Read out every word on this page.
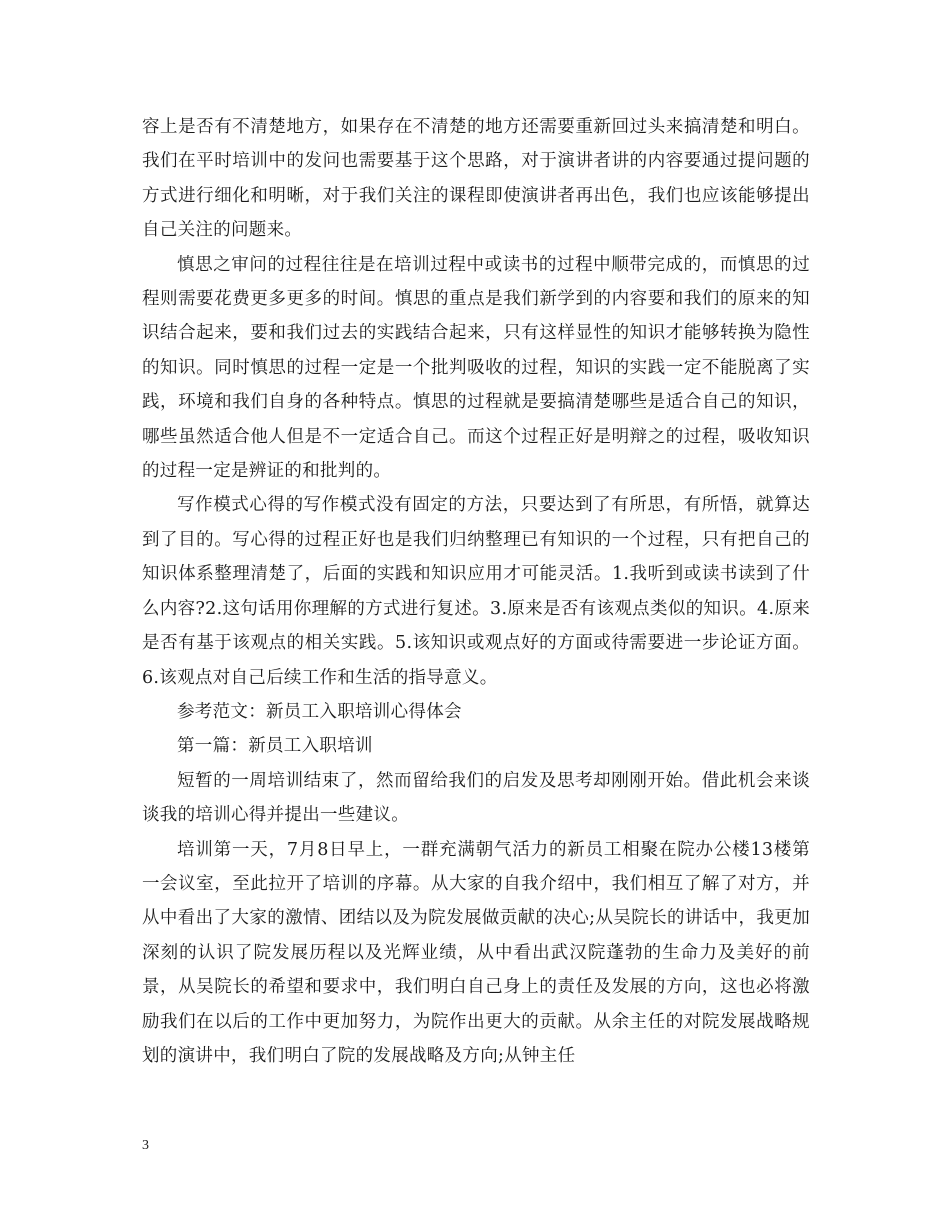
容上是否有不清楚地方，如果存在不清楚的地方还需要重新回过头来搞清楚和明白。我们在平时培训中的发问也需要基于这个思路，对于演讲者讲的内容要通过提问题的方式进行细化和明晰，对于我们关注的课程即使演讲者再出色，我们也应该能够提出自己关注的问题来。

慎思之审问的过程往往是在培训过程中或读书的过程中顺带完成的，而慎思的过程则需要花费更多更多的时间。慎思的重点是我们新学到的内容要和我们的原来的知识结合起来，要和我们过去的实践结合起来，只有这样显性的知识才能够转换为隐性的知识。同时慎思的过程一定是一个批判吸收的过程，知识的实践一定不能脱离了实践，环境和我们自身的各种特点。慎思的过程就是要搞清楚哪些是适合自己的知识，哪些虽然适合他人但是不一定适合自己。而这个过程正好是明辩之的过程，吸收知识的过程一定是辨证的和批判的。

写作模式心得的写作模式没有固定的方法，只要达到了有所思，有所悟，就算达到了目的。写心得的过程正好也是我们归纳整理已有知识的一个过程，只有把自己的知识体系整理清楚了，后面的实践和知识应用才可能灵活。1.我听到或读书读到了什么内容?2.这句话用你理解的方式进行复述。3.原来是否有该观点类似的知识。4.原来是否有基于该观点的相关实践。5.该知识或观点好的方面或待需要进一步论证方面。6.该观点对自己后续工作和生活的指导意义。

参考范文：新员工入职培训心得体会

第一篇：新员工入职培训

短暂的一周培训结束了，然而留给我们的启发及思考却刚刚开始。借此机会来谈谈我的培训心得并提出一些建议。

培训第一天，7月8日早上，一群充满朝气活力的新员工相聚在院办公楼13楼第一会议室，至此拉开了培训的序幕。从大家的自我介绍中，我们相互了解了对方，并从中看出了大家的激情、团结以及为院发展做贡献的决心;从吴院长的讲话中，我更加深刻的认识了院发展历程以及光辉业绩，从中看出武汉院蓬勃的生命力及美好的前景，从吴院长的希望和要求中，我们明白自己身上的责任及发展的方向，这也必将激励我们在以后的工作中更加努力，为院作出更大的贡献。从余主任的对院发展战略规划的演讲中，我们明白了院的发展战略及方向;从钟主任

3
